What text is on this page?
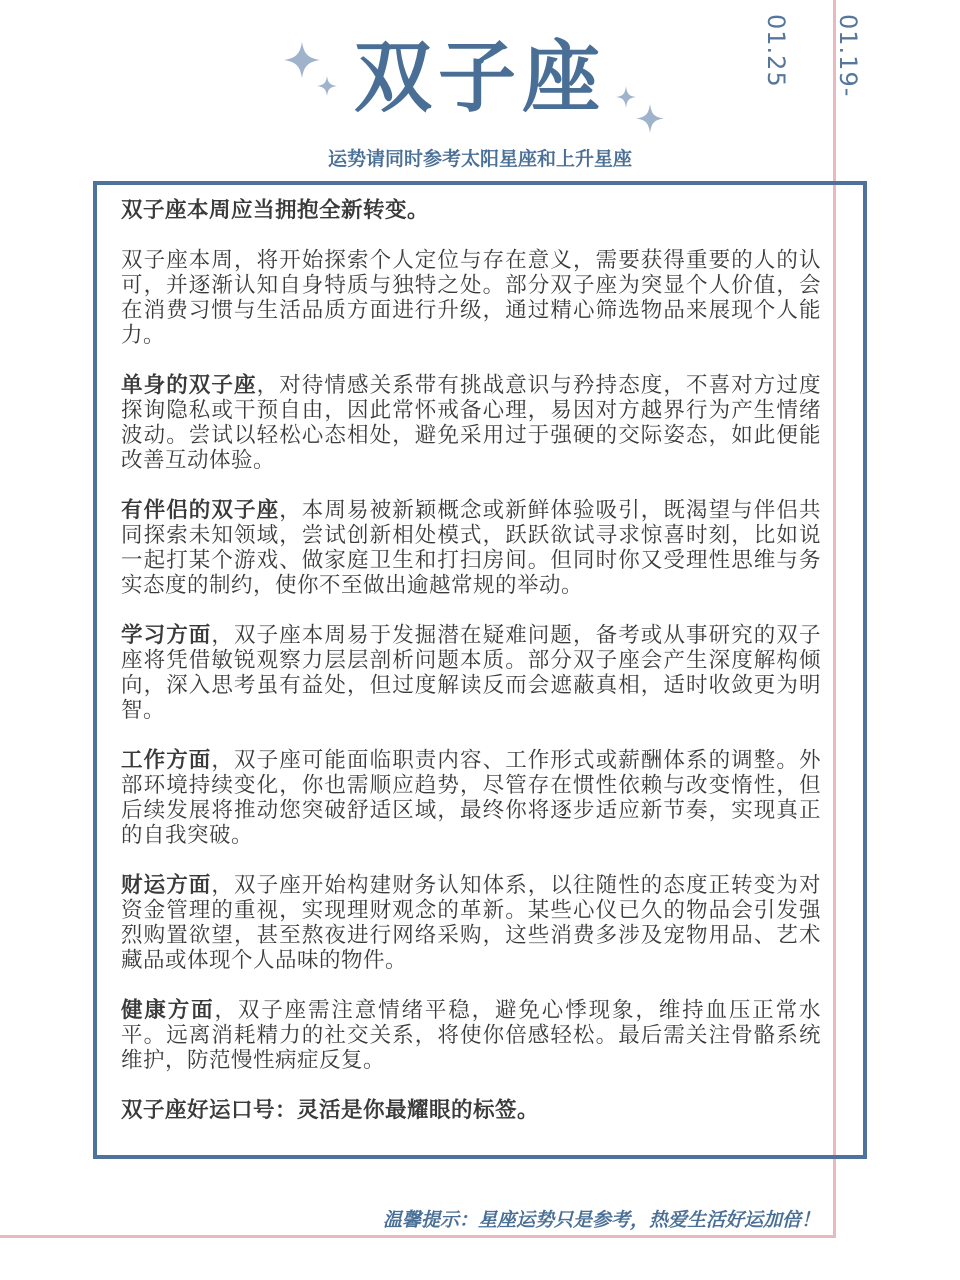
01.19-01.25
双子座
运势请同时参考太阳星座和上升星座

双子座本周应当拥抱全新转变。

双子座本周，将开始探索个人定位与存在意义，需要获得重要的人的认可，并逐渐认知自身特质与独特之处。部分双子座为突显个人价值，会在消费习惯与生活品质方面进行升级，通过精心筛选物品来展现个人能力。

单身的双子座，对待情感关系带有挑战意识与矜持态度，不喜对方过度探询隐私或干预自由，因此常怀戒备心理，易因对方越界行为产生情绪波动。尝试以轻松心态相处，避免采用过于强硬的交际姿态，如此便能改善互动体验。

有伴侣的双子座，本周易被新颖概念或新鲜体验吸引，既渴望与伴侣共同探索未知领域，尝试创新相处模式，跃跃欲试寻求惊喜时刻，比如说一起打某个游戏、做家庭卫生和打扫房间。但同时你又受理性思维与务实态度的制约，使你不至做出逾越常规的举动。

学习方面，双子座本周易于发掘潜在疑难问题，备考或从事研究的双子座将凭借敏锐观察力层层剖析问题本质。部分双子座会产生深度解构倾向，深入思考虽有益处，但过度解读反而会遮蔽真相，适时收敛更为明智。

工作方面，双子座可能面临职责内容、工作形式或薪酬体系的调整。外部环境持续变化，你也需顺应趋势，尽管存在惯性依赖与改变惰性，但后续发展将推动您突破舒适区域，最终你将逐步适应新节奏，实现真正的自我突破。

财运方面，双子座开始构建财务认知体系，以往随性的态度正转变为对资金管理的重视，实现理财观念的革新。某些心仪已久的物品会引发强烈购置欲望，甚至熬夜进行网络采购，这些消费多涉及宠物用品、艺术藏品或体现个人品味的物件。

健康方面，双子座需注意情绪平稳，避免心悸现象，维持血压正常水平。远离消耗精力的社交关系，将使你倍感轻松。最后需关注骨骼系统维护，防范慢性病症反复。

双子座好运口号：灵活是你最耀眼的标签。

温馨提示：星座运势只是参考，热爱生活好运加倍！
